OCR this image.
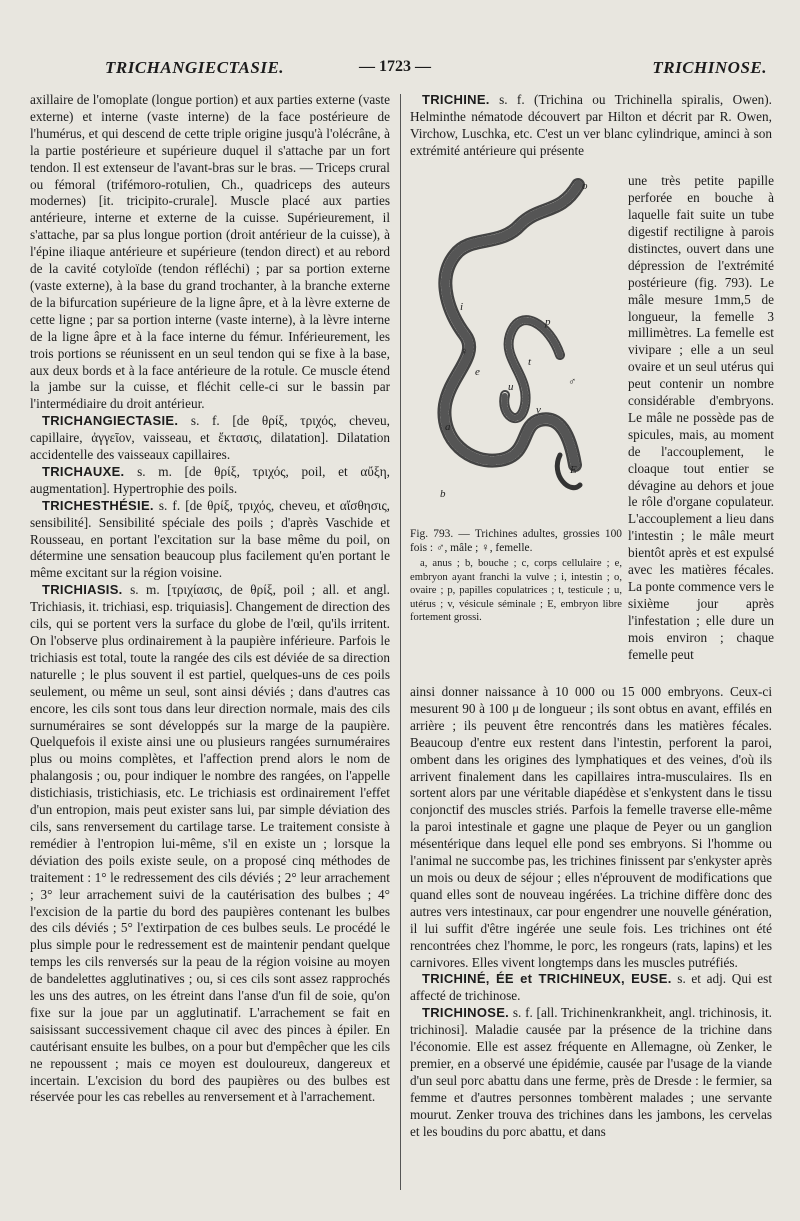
TRICHANGIECTASIE.	— 1723 —	TRICHINOSE.

axillaire de l'omoplate (longue portion) et aux parties externe (vaste externe) et interne (vaste interne) de la face postérieure de l'humérus, et qui descend de cette triple origine jusqu'à l'olécrâne, à la partie postérieure et supérieure duquel il s'attache par un fort tendon. Il est extenseur de l'avant-bras sur le bras. — Triceps crural ou fémoral (trifémoro-rotulien, Ch., quadriceps des auteurs modernes) [it. tricipito-crurale]. Muscle placé aux parties antérieure, interne et externe de la cuisse. Supérieurement, il s'attache, par sa plus longue portion (droit antérieur de la cuisse), à l'épine iliaque antérieure et supérieure (tendon direct) et au rebord de la cavité cotyloïde (tendon réfléchi) ; par sa portion externe (vaste externe), à la base du grand trochanter, à la branche externe de la bifurcation supérieure de la ligne âpre, et à la lèvre externe de cette ligne ; par sa portion interne (vaste interne), à la lèvre interne de la ligne âpre et à la face interne du fémur. Inférieurement, les trois portions se réunissent en un seul tendon qui se fixe à la base, aux deux bords et à la face antérieure de la rotule. Ce muscle étend la jambe sur la cuisse, et fléchit celle-ci sur le bassin par l'intermédiaire du droit antérieur.

TRICHANGIECTASIE. s. f. [de θρίξ, τριχός, cheveu, capillaire, ἀγγεῖον, vaisseau, et ἔκτασις, dilatation]. Dilatation accidentelle des vaisseaux capillaires.

TRICHAUXE. s. m. [de θρίξ, τριχός, poil, et αὔξη, augmentation]. Hypertrophie des poils.

TRICHESTHÉSIE. s. f. [de θρίξ, τριχός, cheveu, et αἴσθησις, sensibilité]. Sensibilité spéciale des poils ; d'après Vaschide et Rousseau, en portant l'excitation sur la base même du poil, on détermine une sensation beaucoup plus facilement qu'en portant le même excitant sur la région voisine.

TRICHIASIS. s. m. [τριχίασις, de θρίξ, poil ; all. et angl. Trichiasis, it. trichiasi, esp. triquiasis]. Changement de direction des cils, qui se portent vers la surface du globe de l'œil, qu'ils irritent. On l'observe plus ordinairement à la paupière inférieure. Parfois le trichiasis est total, toute la rangée des cils est déviée de sa direction naturelle ; le plus souvent il est partiel, quelques-uns de ces poils seulement, ou même un seul, sont ainsi déviés ; dans d'autres cas encore, les cils sont tous dans leur direction normale, mais des cils surnuméraires se sont développés sur la marge de la paupière. Quelquefois il existe ainsi une ou plusieurs rangées surnuméraires plus ou moins complètes, et l'affection prend alors le nom de phalangosis ; ou, pour indiquer le nombre des rangées, on l'appelle distichiasis, tristichiasis, etc. Le trichiasis est ordinairement l'effet d'un entropion, mais peut exister sans lui, par simple déviation des cils, sans renversement du cartilage tarse. Le traitement consiste à remédier à l'entropion lui-même, s'il en existe un ; lorsque la déviation des poils existe seule, on a proposé cinq méthodes de traitement : 1° le redressement des cils déviés ; 2° leur arrachement ; 3° leur arrachement suivi de la cautérisation des bulbes ; 4° l'excision de la partie du bord des paupières contenant les bulbes des cils déviés ; 5° l'extirpation de ces bulbes seuls. Le procédé le plus simple pour le redressement est de maintenir pendant quelque temps les cils renversés sur la peau de la région voisine au moyen de bandelettes agglutinatives ; ou, si ces cils sont assez rapprochés les uns des autres, on les étreint dans l'anse d'un fil de soie, qu'on fixe sur la joue par un agglutinatif. L'arrachement se fait en saisissant successivement chaque cil avec des pinces à épiler. En cautérisant ensuite les bulbes, on a pour but d'empêcher que les cils ne repoussent ; mais ce moyen est douloureux, dangereux et incertain. L'excision du bord des paupières ou des bulbes est réservée pour les cas rebelles au renversement et à l'arrachement.

TRICHINE. s. f. (Trichina ou Trichinella spiralis, Owen). Helminthe nématode découvert par Hilton et décrit par R. Owen, Virchow, Luschka, etc. C'est un ver blanc cylindrique, aminci à son extrémité antérieure qui présente

o
p
t
i
♂
♀
e
u
v
a
b
E
Fig. 793. — Trichines adultes, grossies 100 fois : ♂, mâle ; ♀, femelle.
a, anus ; b, bouche ; c, corps cellulaire ; e, embryon ayant franchi la vulve ; i, intestin ; o, ovaire ; p, papilles copulatrices ; t, testicule ; u, utérus ; v, vésicule séminale ; E, embryon libre fortement grossi.

une très petite papille perforée en bouche à laquelle fait suite un tube digestif rectiligne à parois distinctes, ouvert dans une dépression de l'extrémité postérieure (fig. 793). Le mâle mesure 1mm,5 de longueur, la femelle 3 millimètres. La femelle est vivipare ; elle a un seul ovaire et un seul utérus qui peut contenir un nombre considérable d'embryons. Le mâle ne possède pas de spicules, mais, au moment de l'accouplement, le cloaque tout entier se dévagine au dehors et joue le rôle d'organe copulateur. L'accouplement a lieu dans l'intestin ; le mâle meurt bientôt après et est expulsé avec les matières fécales. La ponte commence vers le sixième jour après l'infestation ; elle dure un mois environ ; chaque femelle peut

ainsi donner naissance à 10 000 ou 15 000 embryons. Ceux-ci mesurent 90 à 100 μ de longueur ; ils sont obtus en avant, effilés en arrière ; ils peuvent être rencontrés dans les matières fécales. Beaucoup d'entre eux restent dans l'intestin, perforent la paroi, ombent dans les origines des lymphatiques et des veines, d'où ils arrivent finalement dans les capillaires intra-musculaires. Ils en sortent alors par une véritable diapédèse et s'enkystent dans le tissu conjonctif des muscles striés. Parfois la femelle traverse elle-même la paroi intestinale et gagne une plaque de Peyer ou un ganglion mésentérique dans lequel elle pond ses embryons. Si l'homme ou l'animal ne succombe pas, les trichines finissent par s'enkyster après un mois ou deux de séjour ; elles n'éprouvent de modifications que quand elles sont de nouveau ingérées. La trichine diffère donc des autres vers intestinaux, car pour engendrer une nouvelle génération, il lui suffit d'être ingérée une seule fois. Les trichines ont été rencontrées chez l'homme, le porc, les rongeurs (rats, lapins) et les carnivores. Elles vivent longtemps dans les muscles putréfiés.

TRICHINÉ, ÉE et TRICHINEUX, EUSE. s. et adj. Qui est affecté de trichinose.

TRICHINOSE. s. f. [all. Trichinenkrankheit, angl. trichinosis, it. trichinosi]. Maladie causée par la présence de la trichine dans l'économie. Elle est assez fréquente en Allemagne, où Zenker, le premier, en a observé une épidémie, causée par l'usage de la viande d'un seul porc abattu dans une ferme, près de Dresde : le fermier, sa femme et d'autres personnes tombèrent malades ; une servante mourut. Zenker trouva des trichines dans les jambons, les cervelas et les boudins du porc abattu, et dans
